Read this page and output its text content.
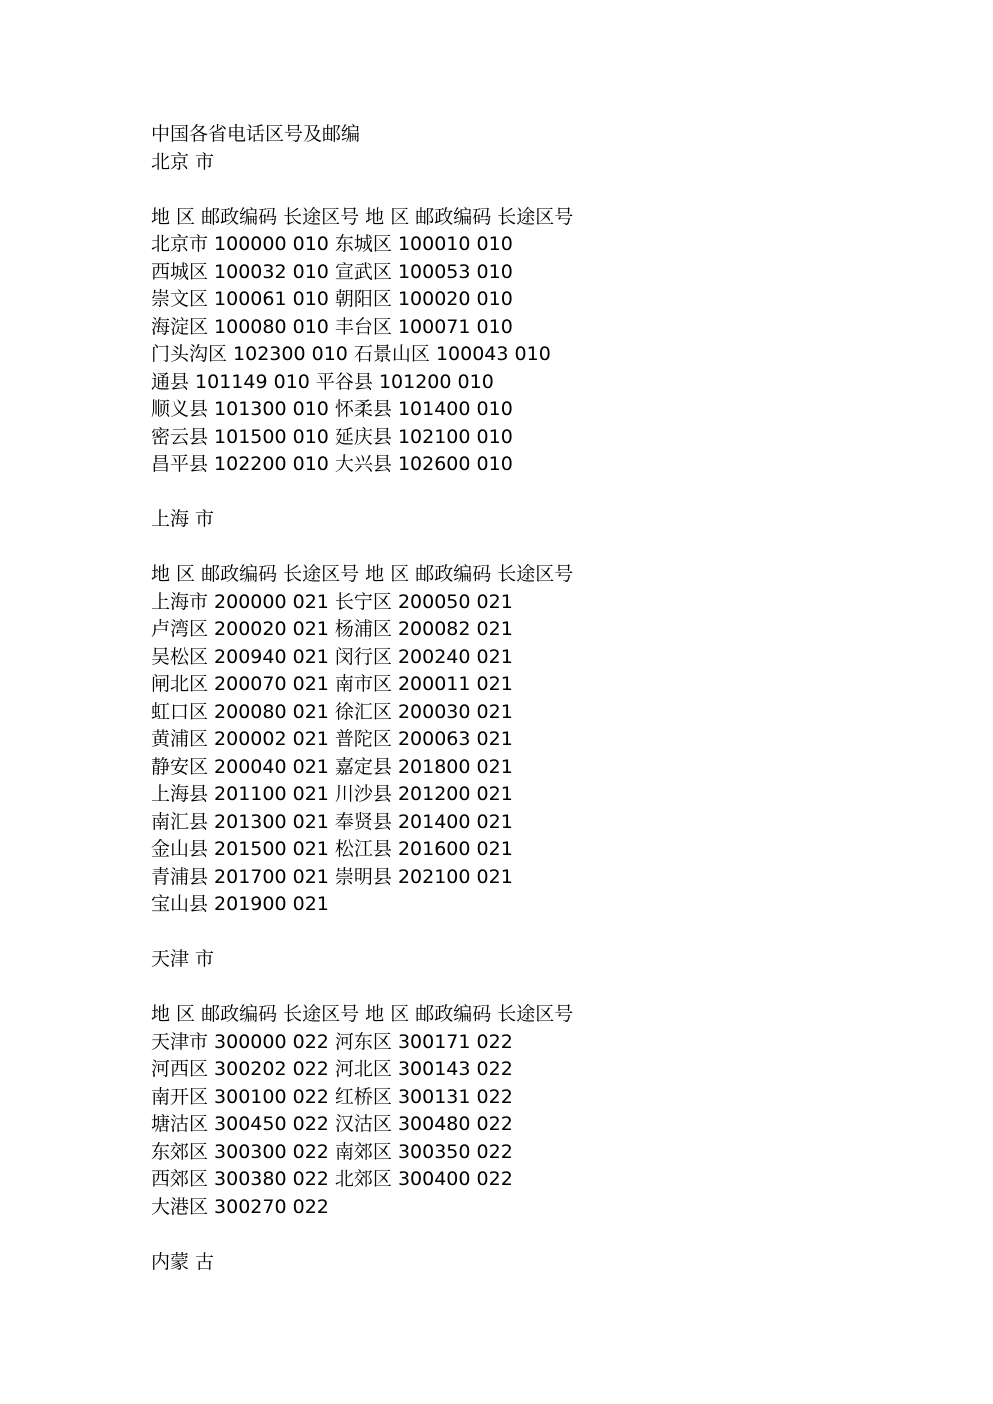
中国各省电话区号及邮编
北京 市
地 区 邮政编码 长途区号 地 区 邮政编码 长途区号
北京市 100000 010 东城区 100010 010
西城区 100032 010 宣武区 100053 010
崇文区 100061 010 朝阳区 100020 010
海淀区 100080 010 丰台区 100071 010
门头沟区 102300 010 石景山区 100043 010
通县 101149 010 平谷县 101200 010
顺义县 101300 010 怀柔县 101400 010
密云县 101500 010 延庆县 102100 010
昌平县 102200 010 大兴县 102600 010
上海 市
地 区 邮政编码 长途区号 地 区 邮政编码 长途区号
上海市 200000 021 长宁区 200050 021
卢湾区 200020 021 杨浦区 200082 021
吴松区 200940 021 闵行区 200240 021
闸北区 200070 021 南市区 200011 021
虹口区 200080 021 徐汇区 200030 021
黄浦区 200002 021 普陀区 200063 021
静安区 200040 021 嘉定县 201800 021
上海县 201100 021 川沙县 201200 021
南汇县 201300 021 奉贤县 201400 021
金山县 201500 021 松江县 201600 021
青浦县 201700 021 崇明县 202100 021
宝山县 201900 021
天津 市
地 区 邮政编码 长途区号 地 区 邮政编码 长途区号
天津市 300000 022 河东区 300171 022
河西区 300202 022 河北区 300143 022
南开区 300100 022 红桥区 300131 022
塘沽区 300450 022 汉沽区 300480 022
东郊区 300300 022 南郊区 300350 022
西郊区 300380 022 北郊区 300400 022
大港区 300270 022
内蒙 古
